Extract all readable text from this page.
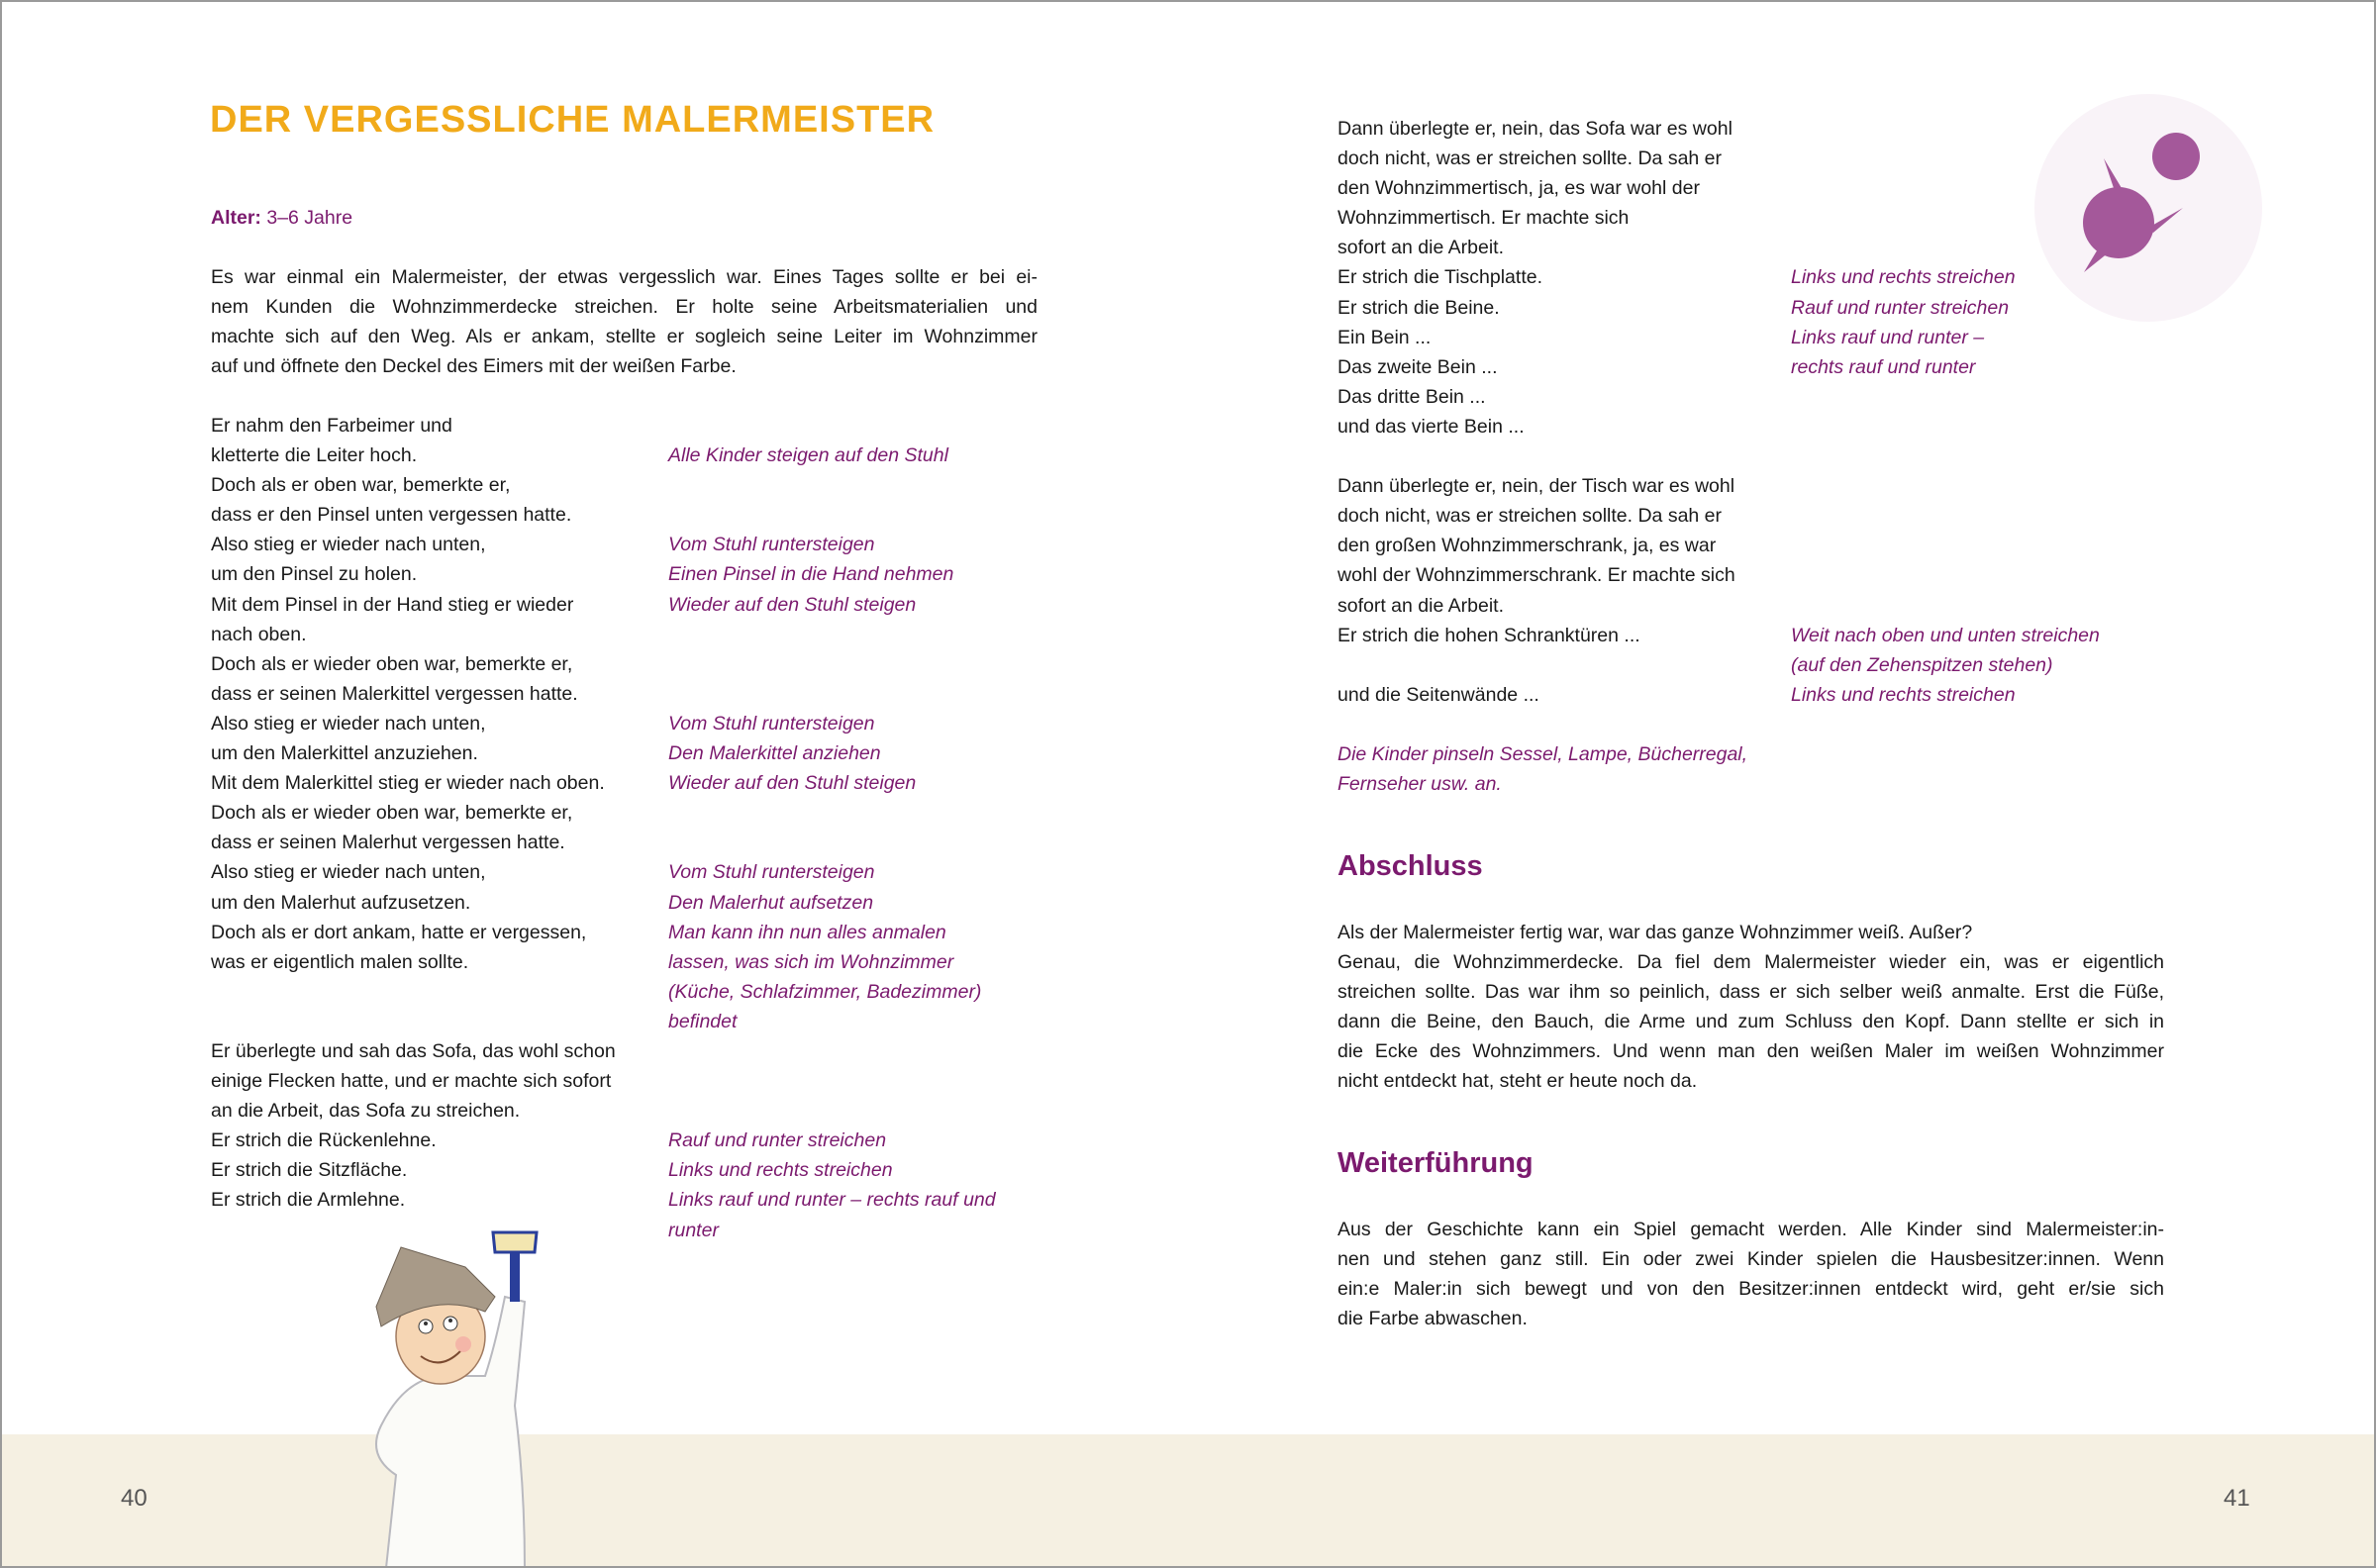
DER VERGESSLICHE MALERMEISTER
Alter: 3–6 Jahre
Es war einmal ein Malermeister, der etwas vergesslich war. Eines Tages sollte er bei ei-
nem Kunden die Wohnzimmerdecke streichen. Er holte seine Arbeitsmaterialien und
machte sich auf den Weg. Als er ankam, stellte er sogleich seine Leiter im Wohnzimmer
auf und öffnete den Deckel des Eimers mit der weißen Farbe.
Er nahm den Farbeimer und
kletterte die Leiter hoch.	Alle Kinder steigen auf den Stuhl
Doch als er oben war, bemerkte er,
dass er den Pinsel unten vergessen hatte.
Also stieg er wieder nach unten,	Vom Stuhl runtersteigen
um den Pinsel zu holen.	Einen Pinsel in die Hand nehmen
Mit dem Pinsel in der Hand stieg er wieder	Wieder auf den Stuhl steigen
nach oben.
Doch als er wieder oben war, bemerkte er,
dass er seinen Malerkittel vergessen hatte.
Also stieg er wieder nach unten,	Vom Stuhl runtersteigen
um den Malerkittel anzuziehen.	Den Malerkittel anziehen
Mit dem Malerkittel stieg er wieder nach oben.	Wieder auf den Stuhl steigen
Doch als er wieder oben war, bemerkte er,
dass er seinen Malerhut vergessen hatte.
Also stieg er wieder nach unten,	Vom Stuhl runtersteigen
um den Malerhut aufzusetzen.	Den Malerhut aufsetzen
Doch als er dort ankam, hatte er vergessen,	Man kann ihn nun alles anmalen
was er eigentlich malen sollte.	lassen, was sich im Wohnzimmer
(Küche, Schlafzimmer, Badezimmer)
befindet
Er überlegte und sah das Sofa, das wohl schon
einige Flecken hatte, und er machte sich sofort
an die Arbeit, das Sofa zu streichen.
Er strich die Rückenlehne.	Rauf und runter streichen
Er strich die Sitzfläche.	Links und rechts streichen
Er strich die Armlehne.	Links rauf und runter – rechts rauf und
runter
40
Dann überlegte er, nein, das Sofa war es wohl
doch nicht, was er streichen sollte. Da sah er
den Wohnzimmertisch, ja, es war wohl der
Wohnzimmertisch. Er machte sich
sofort an die Arbeit.
Er strich die Tischplatte.	Links und rechts streichen
Er strich die Beine.	Rauf und runter streichen
Ein Bein ...	Links rauf und runter –
Das zweite Bein ...	rechts rauf und runter
Das dritte Bein ...
und das vierte Bein ...
Dann überlegte er, nein, der Tisch war es wohl
doch nicht, was er streichen sollte. Da sah er
den großen Wohnzimmerschrank, ja, es war
wohl der Wohnzimmerschrank. Er machte sich
sofort an die Arbeit.
Er strich die hohen Schranktüren ...	Weit nach oben und unten streichen
(auf den Zehenspitzen stehen)
und die Seitenwände ...	Links und rechts streichen
Die Kinder pinseln Sessel, Lampe, Bücherregal,
Fernseher usw. an.
Abschluss
Als der Malermeister fertig war, war das ganze Wohnzimmer weiß. Außer?
Genau, die Wohnzimmerdecke. Da fiel dem Malermeister wieder ein, was er eigentlich
streichen sollte. Das war ihm so peinlich, dass er sich selber weiß anmalte. Erst die Füße,
dann die Beine, den Bauch, die Arme und zum Schluss den Kopf. Dann stellte er sich in
die Ecke des Wohnzimmers. Und wenn man den weißen Maler im weißen Wohnzimmer
nicht entdeckt hat, steht er heute noch da.
Weiterführung
Aus der Geschichte kann ein Spiel gemacht werden. Alle Kinder sind Malermeister:in-
nen und stehen ganz still. Ein oder zwei Kinder spielen die Hausbesitzer:innen. Wenn
ein:e Maler:in sich bewegt und von den Besitzer:innen entdeckt wird, geht er/sie sich
die Farbe abwaschen.
41
